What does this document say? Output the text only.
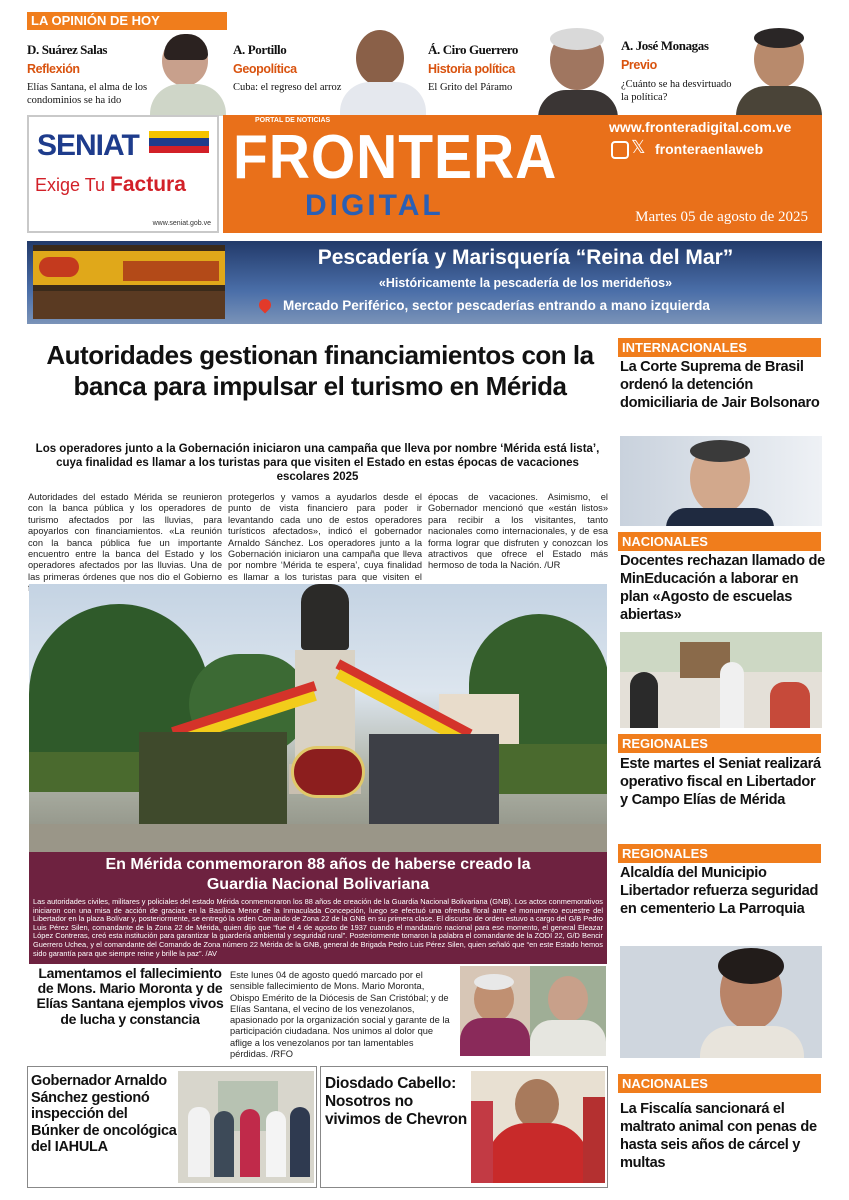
LA OPINIÓN DE HOY
D. Suárez Salas
Reflexión
Elías Santana, el alma de los condominios se ha ido
A. Portillo
Geopolítica
Cuba: el regreso del arroz
Á. Ciro Guerrero
Historia política
El Grito del Páramo
A. José Monagas
Previo
¿Cuánto se ha desvirtuado la política?
SENIAT
Exige Tu Factura
www.seniat.gob.ve
PORTAL DE NOTICIAS
FRONTERA
DIGITAL
www.fronteradigital.com.ve
𝕏 fronteraenlaweb
Martes 05 de agosto de 2025
Pescadería y Marisquería “Reina del Mar”
«Históricamente la pescadería de los merideños»
Mercado Periférico, sector pescaderías entrando a mano izquierda
Autoridades gestionan financiamientos con la banca para impulsar el turismo en Mérida
Los operadores junto a la Gobernación iniciaron una campaña que lleva por nombre ‘Mérida está lista’, cuya finalidad es llamar a los turistas para que visiten el Estado en estas épocas de vacaciones escolares 2025
Autoridades del estado Mérida se reunieron con la banca pública y los operadores de turismo afectados por las lluvias, para apoyarlos con financiamientos. «La reunión con la banca pública fue un importante encuentro entre la banca del Estado y los operadores afectados por las lluvias. Una de las primeras órdenes que nos dio el Gobierno
protegerlos y vamos a ayudarlos desde el punto de vista financiero para poder ir levantando cada uno de estos operadores turísticos afectados», indicó el gobernador Arnaldo Sánchez. Los operadores junto a la Gobernación iniciaron una campaña que lleva por nombre ‘Mérida te espera’, cuya finalidad es llamar a los turistas para que visiten el
épocas de vacaciones. Asimismo, el Gobernador mencionó que «están listos» para recibir a los visitantes, tanto nacionales como internacionales, y de esa forma lograr que disfruten y conozcan los atractivos que ofrece el Estado más hermoso de toda la Nación. /UR
En Mérida conmemoraron 88 años de haberse creado la Guardia Nacional Bolivariana
Las autoridades civiles, militares y policiales del estado Mérida conmemoraron los 88 años de creación de la Guardia Nacional Bolivariana (GNB). Los actos conmemorativos iniciaron con una misa de acción de gracias en la Basílica Menor de la Inmaculada Concepción, luego se efectuó una ofrenda floral ante el monumento ecuestre del Libertador en la plaza Bolívar y, posteriormente, se entregó la orden Comando de Zona 22 de la GNB en su primera clase. El discurso de orden estuvo a cargo del G/B Pedro Luis Pérez Silen, comandante de la Zona 22 de Mérida, quien dijo que “fue el 4 de agosto de 1937 cuando el mandatario nacional para ese momento, el general Eleazar López Contreras, creó esta institución para garantizar la guardería ambiental y seguridad rural”. Posteriormente tomaron la palabra el comandante de la ZODI 22, G/D Bencir Guerrero Uchea, y el comandante del Comando de Zona número 22 Mérida de la GNB, general de Brigada Pedro Luis Pérez Silen, quien señaló que “en este Estado hemos sido garantía para que siempre reine y brille la paz”. /AV
Lamentamos el fallecimiento de Mons. Mario Moronta y de Elías Santana ejemplos vivos de lucha y constancia
Este lunes 04 de agosto quedó marcado por el sensible fallecimiento de Mons. Mario Moronta, Obispo Emérito de la Diócesis de San Cristóbal; y de Elías Santana, el vecino de los venezolanos, apasionado por la organización social y garante de la participación ciudadana. Nos unimos al dolor que aflige a los venezolanos por tan lamentables pérdidas. /RFO
Gobernador Arnaldo Sánchez gestionó inspección del Búnker de oncológica del IAHULA
Diosdado Cabello: Nosotros no vivimos de Chevron
INTERNACIONALES
La Corte Suprema de Brasil ordenó la detención domiciliaria de Jair Bolsonaro
NACIONALES
Docentes rechazan llamado de MinEducación a laborar en plan «Agosto de escuelas abiertas»
REGIONALES
Este martes el Seniat realizará operativo fiscal en Libertador y Campo Elías de Mérida
REGIONALES
Alcaldía del Municipio Libertador refuerza seguridad en cementerio La Parroquia
NACIONALES
La Fiscalía sancionará el maltrato animal con penas de hasta seis años de cárcel y multas
